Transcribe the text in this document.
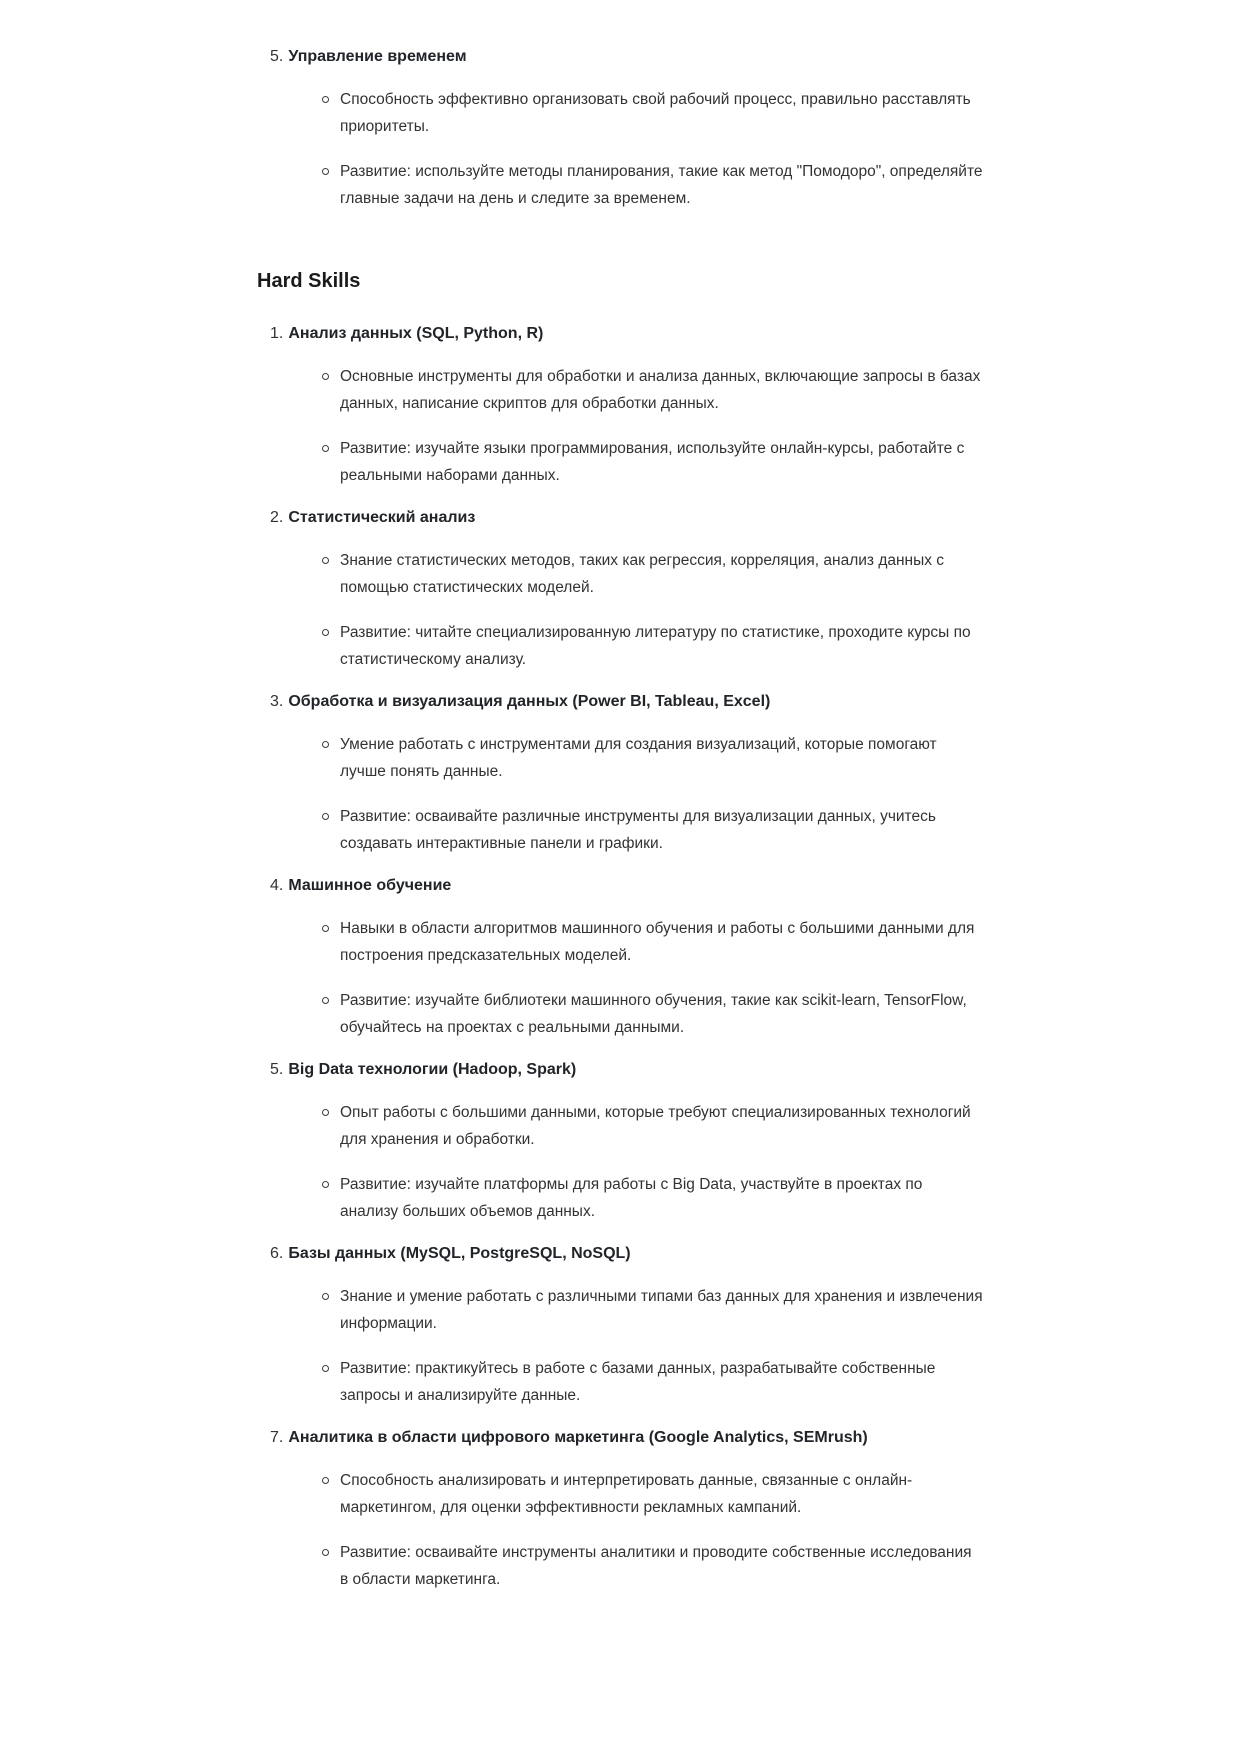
5. Управление временем
Способность эффективно организовать свой рабочий процесс, правильно расставлять приоритеты.
Развитие: используйте методы планирования, такие как метод "Помодоро", определяйте главные задачи на день и следите за временем.
Hard Skills
1. Анализ данных (SQL, Python, R)
Основные инструменты для обработки и анализа данных, включающие запросы в базах данных, написание скриптов для обработки данных.
Развитие: изучайте языки программирования, используйте онлайн-курсы, работайте с реальными наборами данных.
2. Статистический анализ
Знание статистических методов, таких как регрессия, корреляция, анализ данных с помощью статистических моделей.
Развитие: читайте специализированную литературу по статистике, проходите курсы по статистическому анализу.
3. Обработка и визуализация данных (Power BI, Tableau, Excel)
Умение работать с инструментами для создания визуализаций, которые помогают лучше понять данные.
Развитие: осваивайте различные инструменты для визуализации данных, учитесь создавать интерактивные панели и графики.
4. Машинное обучение
Навыки в области алгоритмов машинного обучения и работы с большими данными для построения предсказательных моделей.
Развитие: изучайте библиотеки машинного обучения, такие как scikit-learn, TensorFlow, обучайтесь на проектах с реальными данными.
5. Big Data технологии (Hadoop, Spark)
Опыт работы с большими данными, которые требуют специализированных технологий для хранения и обработки.
Развитие: изучайте платформы для работы с Big Data, участвуйте в проектах по анализу больших объемов данных.
6. Базы данных (MySQL, PostgreSQL, NoSQL)
Знание и умение работать с различными типами баз данных для хранения и извлечения информации.
Развитие: практикуйтесь в работе с базами данных, разрабатывайте собственные запросы и анализируйте данные.
7. Аналитика в области цифрового маркетинга (Google Analytics, SEMrush)
Способность анализировать и интерпретировать данные, связанные с онлайн-маркетингом, для оценки эффективности рекламных кампаний.
Развитие: осваивайте инструменты аналитики и проводите собственные исследования в области маркетинга.
